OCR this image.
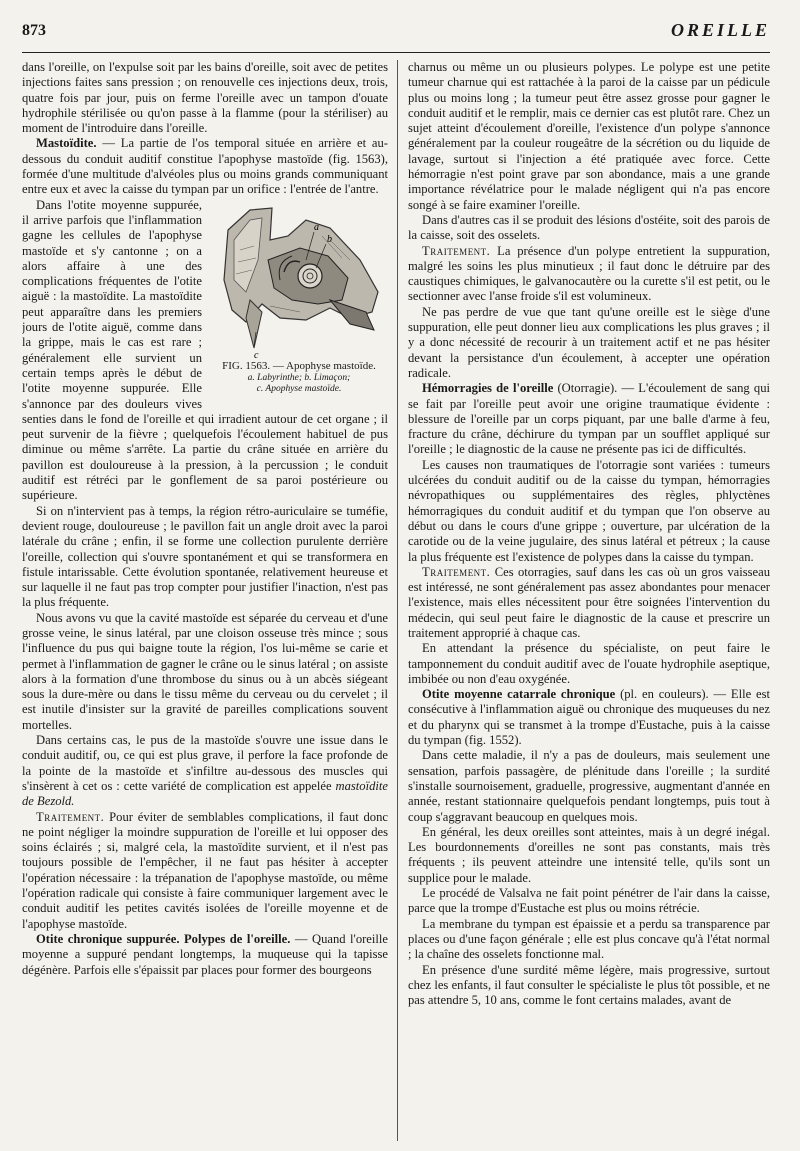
873	OREILLE

dans l'oreille, on l'expulse soit par les bains d'oreille, soit avec de petites injections faites sans pression ; on renouvelle ces injections deux, trois, quatre fois par jour, puis on ferme l'oreille avec un tampon d'ouate hydrophile stérilisée ou qu'on passe à la flamme (pour la stériliser) au moment de l'introduire dans l'oreille.

Mastoïdite. — La partie de l'os temporal située en arrière et au-dessous du conduit auditif constitue l'apophyse mastoïde (fig. 1563), formée d'une multitude d'alvéoles plus ou moins grands communiquant entre eux et avec la caisse du tympan par un orifice : l'entrée de l'antre.

a
b
c
FIG. 1563. — Apophyse mastoïde.
a. Labyrinthe; b. Limaçon;
c. Apophyse mastoïde.

Dans l'otite moyenne suppurée, il arrive parfois que l'inflammation gagne les cellules de l'apophyse mastoïde et s'y cantonne ; on a alors affaire à une des complications fréquentes de l'otite aiguë : la mastoïdite. La mastoïdite peut apparaître dans les premiers jours de l'otite aiguë, comme dans la grippe, mais le cas est rare ; généralement elle survient un certain temps après le début de l'otite moyenne suppurée. Elle s'annonce par des douleurs vives senties dans le fond de l'oreille et qui irradient autour de cet organe ; il peut survenir de la fièvre ; quelquefois l'écoulement habituel de pus diminue ou même s'arrête. La partie du crâne située en arrière du pavillon est douloureuse à la pression, à la percussion ; le conduit auditif est rétréci par le gonflement de sa paroi postérieure ou supérieure.

Si on n'intervient pas à temps, la région rétro-auriculaire se tuméfie, devient rouge, douloureuse ; le pavillon fait un angle droit avec la paroi latérale du crâne ; enfin, il se forme une collection purulente derrière l'oreille, collection qui s'ouvre spontanément et qui se transformera en fistule intarissable. Cette évolution spontanée, relativement heureuse et sur laquelle il ne faut pas trop compter pour justifier l'inaction, n'est pas la plus fréquente.

Nous avons vu que la cavité mastoïde est séparée du cerveau et d'une grosse veine, le sinus latéral, par une cloison osseuse très mince ; sous l'influence du pus qui baigne toute la région, l'os lui-même se carie et permet à l'inflammation de gagner le crâne ou le sinus latéral ; on assiste alors à la formation d'une thrombose du sinus ou à un abcès siégeant sous la dure-mère ou dans le tissu même du cerveau ou du cervelet ; il est inutile d'insister sur la gravité de pareilles complications souvent mortelles.

Dans certains cas, le pus de la mastoïde s'ouvre une issue dans le conduit auditif, ou, ce qui est plus grave, il perfore la face profonde de la pointe de la mastoïde et s'infiltre au-dessous des muscles qui s'insèrent à cet os : cette variété de complication est appelée mastoïdite de Bezold.

Traitement. Pour éviter de semblables complications, il faut donc ne point négliger la moindre suppuration de l'oreille et lui opposer des soins éclairés ; si, malgré cela, la mastoïdite survient, et il n'est pas toujours possible de l'empêcher, il ne faut pas hésiter à accepter l'opération nécessaire : la trépanation de l'apophyse mastoïde, ou même l'opération radicale qui consiste à faire communiquer largement avec le conduit auditif les petites cavités isolées de l'oreille moyenne et de l'apophyse mastoïde.

Otite chronique suppurée. Polypes de l'oreille. — Quand l'oreille moyenne a suppuré pendant longtemps, la muqueuse qui la tapisse dégénère. Parfois elle s'épaissit par places pour former des bourgeons

charnus ou même un ou plusieurs polypes. Le polype est une petite tumeur charnue qui est rattachée à la paroi de la caisse par un pédicule plus ou moins long ; la tumeur peut être assez grosse pour gagner le conduit auditif et le remplir, mais ce dernier cas est plutôt rare. Chez un sujet atteint d'écoulement d'oreille, l'existence d'un polype s'annonce généralement par la couleur rougeâtre de la sécrétion ou du liquide de lavage, surtout si l'injection a été pratiquée avec force. Cette hémorragie n'est point grave par son abondance, mais a une grande importance révélatrice pour le malade négligent qui n'a pas encore songé à se faire examiner l'oreille.

Dans d'autres cas il se produit des lésions d'ostéite, soit des parois de la caisse, soit des osselets.

Traitement. La présence d'un polype entretient la suppuration, malgré les soins les plus minutieux ; il faut donc le détruire par des caustiques chimiques, le galvanocautère ou la curette s'il est petit, ou le sectionner avec l'anse froide s'il est volumineux.

Ne pas perdre de vue que tant qu'une oreille est le siège d'une suppuration, elle peut donner lieu aux complications les plus graves ; il y a donc nécessité de recourir à un traitement actif et ne pas hésiter devant la persistance d'un écoulement, à accepter une opération radicale.

Hémorragies de l'oreille (Otorragie). — L'écoulement de sang qui se fait par l'oreille peut avoir une origine traumatique évidente : blessure de l'oreille par un corps piquant, par une balle d'arme à feu, fracture du crâne, déchirure du tympan par un soufflet appliqué sur l'oreille ; le diagnostic de la cause ne présente pas ici de difficultés.

Les causes non traumatiques de l'otorragie sont variées : tumeurs ulcérées du conduit auditif ou de la caisse du tympan, hémorragies névropathiques ou supplémentaires des règles, phlyctènes hémorragiques du conduit auditif et du tympan que l'on observe au début ou dans le cours d'une grippe ; ouverture, par ulcération de la carotide ou de la veine jugulaire, des sinus latéral et pétreux ; la cause la plus fréquente est l'existence de polypes dans la caisse du tympan.

Traitement. Ces otorragies, sauf dans les cas où un gros vaisseau est intéressé, ne sont généralement pas assez abondantes pour menacer l'existence, mais elles nécessitent pour être soignées l'intervention du médecin, qui seul peut faire le diagnostic de la cause et prescrire un traitement approprié à chaque cas.

En attendant la présence du spécialiste, on peut faire le tamponnement du conduit auditif avec de l'ouate hydrophile aseptique, imbibée ou non d'eau oxygénée.

Otite moyenne catarrale chronique (pl. en couleurs). — Elle est consécutive à l'inflammation aiguë ou chronique des muqueuses du nez et du pharynx qui se transmet à la trompe d'Eustache, puis à la caisse du tympan (fig. 1552).

Dans cette maladie, il n'y a pas de douleurs, mais seulement une sensation, parfois passagère, de plénitude dans l'oreille ; la surdité s'installe sournoisement, graduelle, progressive, augmentant d'année en année, restant stationnaire quelquefois pendant longtemps, puis tout à coup s'aggravant beaucoup en quelques mois.

En général, les deux oreilles sont atteintes, mais à un degré inégal. Les bourdonnements d'oreilles ne sont pas constants, mais très fréquents ; ils peuvent atteindre une intensité telle, qu'ils sont un supplice pour le malade.

Le procédé de Valsalva ne fait point pénétrer de l'air dans la caisse, parce que la trompe d'Eustache est plus ou moins rétrécie.

La membrane du tympan est épaissie et a perdu sa transparence par places ou d'une façon générale ; elle est plus concave qu'à l'état normal ; la chaîne des osselets fonctionne mal.

En présence d'une surdité même légère, mais progressive, surtout chez les enfants, il faut consulter le spécialiste le plus tôt possible, et ne pas attendre 5, 10 ans, comme le font certains malades, avant de
